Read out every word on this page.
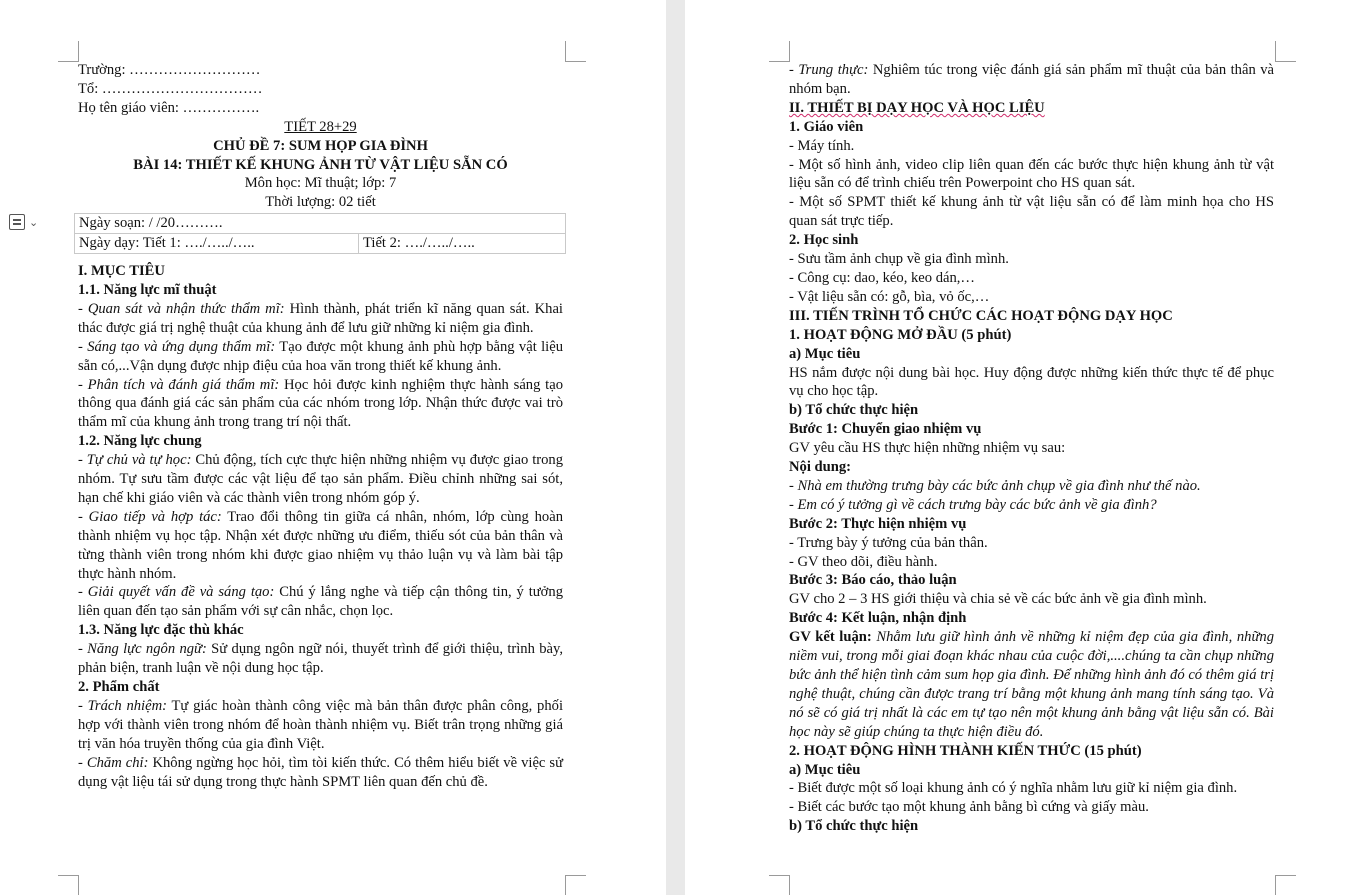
Trường: ………………………

Tổ: ……………………………

Họ tên giáo viên: …………….

TIẾT 28+29

CHỦ ĐỀ 7: SUM HỌP GIA ĐÌNH

BÀI 14: THIẾT KẾ KHUNG ẢNH TỪ VẬT LIỆU SẴN CÓ

Môn học: Mĩ thuật; lớp: 7

Thời lượng: 02 tiết

Ngày soạn: / /20……….
Ngày dạy: Tiết 1: …./…../…..	Tiết 2: …./…../…..

I. MỤC TIÊU

1.1. Năng lực mĩ thuật

- Quan sát và nhận thức thẩm mĩ: Hình thành, phát triển kĩ năng quan sát. Khai thác được giá trị nghệ thuật của khung ảnh để lưu giữ những kỉ niệm gia đình.

- Sáng tạo và ứng dụng thẩm mĩ: Tạo được một khung ảnh phù hợp bằng vật liệu sẵn có,...Vận dụng được nhịp điệu của hoa văn trong thiết kế khung ảnh.

- Phân tích và đánh giá thẩm mĩ: Học hỏi được kinh nghiệm thực hành sáng tạo thông qua đánh giá các sản phẩm của các nhóm trong lớp. Nhận thức được vai trò thẩm mĩ của khung ảnh trong trang trí nội thất.

1.2. Năng lực chung

- Tự chủ và tự học: Chủ động, tích cực thực hiện những nhiệm vụ được giao trong nhóm. Tự sưu tầm được các vật liệu để tạo sản phẩm. Điều chỉnh những sai sót, hạn chế khi giáo viên và các thành viên trong nhóm góp ý.

- Giao tiếp và hợp tác: Trao đổi thông tin giữa cá nhân, nhóm, lớp cùng hoàn thành nhiệm vụ học tập. Nhận xét được những ưu điểm, thiếu sót của bản thân và từng thành viên trong nhóm khi được giao nhiệm vụ thảo luận vụ và làm bài tập thực hành nhóm.

- Giải quyết vấn đề và sáng tạo: Chú ý lắng nghe và tiếp cận thông tin, ý tưởng liên quan đến tạo sản phẩm với sự cân nhắc, chọn lọc.

1.3. Năng lực đặc thù khác

- Năng lực ngôn ngữ: Sử dụng ngôn ngữ nói, thuyết trình để giới thiệu, trình bày, phản biện, tranh luận về nội dung học tập.

2. Phẩm chất

- Trách nhiệm: Tự giác hoàn thành công việc mà bản thân được phân công, phối hợp với thành viên trong nhóm để hoàn thành nhiệm vụ. Biết trân trọng những giá trị văn hóa truyền thống của gia đình Việt.

- Chăm chỉ: Không ngừng học hỏi, tìm tòi kiến thức. Có thêm hiểu biết về việc sử dụng vật liệu tái sử dụng trong thực hành SPMT liên quan đến chủ đề.

⌄

- Trung thực: Nghiêm túc trong việc đánh giá sản phẩm mĩ thuật của bản thân và nhóm bạn.

II. THIẾT BỊ DẠY HỌC VÀ HỌC LIỆU

1. Giáo viên

- Máy tính.

- Một số hình ảnh, video clip liên quan đến các bước thực hiện khung ảnh từ vật liệu sẵn có để trình chiếu trên Powerpoint cho HS quan sát.

- Một số SPMT thiết kế khung ảnh từ vật liệu sẵn có để làm minh họa cho HS quan sát trực tiếp.

2. Học sinh

- Sưu tầm ảnh chụp về gia đình mình.

- Công cụ: dao, kéo, keo dán,…

- Vật liệu sẵn có: gỗ, bìa, vỏ ốc,…

III. TIẾN TRÌNH TỔ CHỨC CÁC HOẠT ĐỘNG DẠY HỌC

1. HOẠT ĐỘNG MỞ ĐẦU (5 phút)

a) Mục tiêu

HS nắm được nội dung bài học. Huy động được những kiến thức thực tế để phục vụ cho học tập.

b) Tổ chức thực hiện

Bước 1: Chuyển giao nhiệm vụ

GV yêu cầu HS thực hiện những nhiệm vụ sau:

Nội dung:

- Nhà em thường trưng bày các bức ảnh chụp về gia đình như thế nào.

- Em có ý tưởng gì về cách trưng bày các bức ảnh về gia đình?

Bước 2: Thực hiện nhiệm vụ

- Trưng bày ý tưởng của bản thân.

- GV theo dõi, điều hành.

Bước 3: Báo cáo, thảo luận

GV cho 2 – 3 HS giới thiệu và chia sẻ về các bức ảnh về gia đình mình.

Bước 4: Kết luận, nhận định

GV kết luận: Nhằm lưu giữ hình ảnh về những kỉ niệm đẹp của gia đình, những niềm vui, trong mỗi giai đoạn khác nhau của cuộc đời,....chúng ta cần chụp những bức ảnh thể hiện tình cảm sum họp gia đình. Để những hình ảnh đó có thêm giá trị nghệ thuật, chúng cần được trang trí bằng một khung ảnh mang tính sáng tạo. Và nó sẽ có giá trị nhất là các em tự tạo nên một khung ảnh bằng vật liệu sẵn có. Bài học này sẽ giúp chúng ta thực hiện điều đó.

2. HOẠT ĐỘNG HÌNH THÀNH KIẾN THỨC (15 phút)

a) Mục tiêu

- Biết được một số loại khung ảnh có ý nghĩa nhằm lưu giữ kỉ niệm gia đình.

- Biết các bước tạo một khung ảnh bằng bì cứng và giấy màu.

b) Tổ chức thực hiện
